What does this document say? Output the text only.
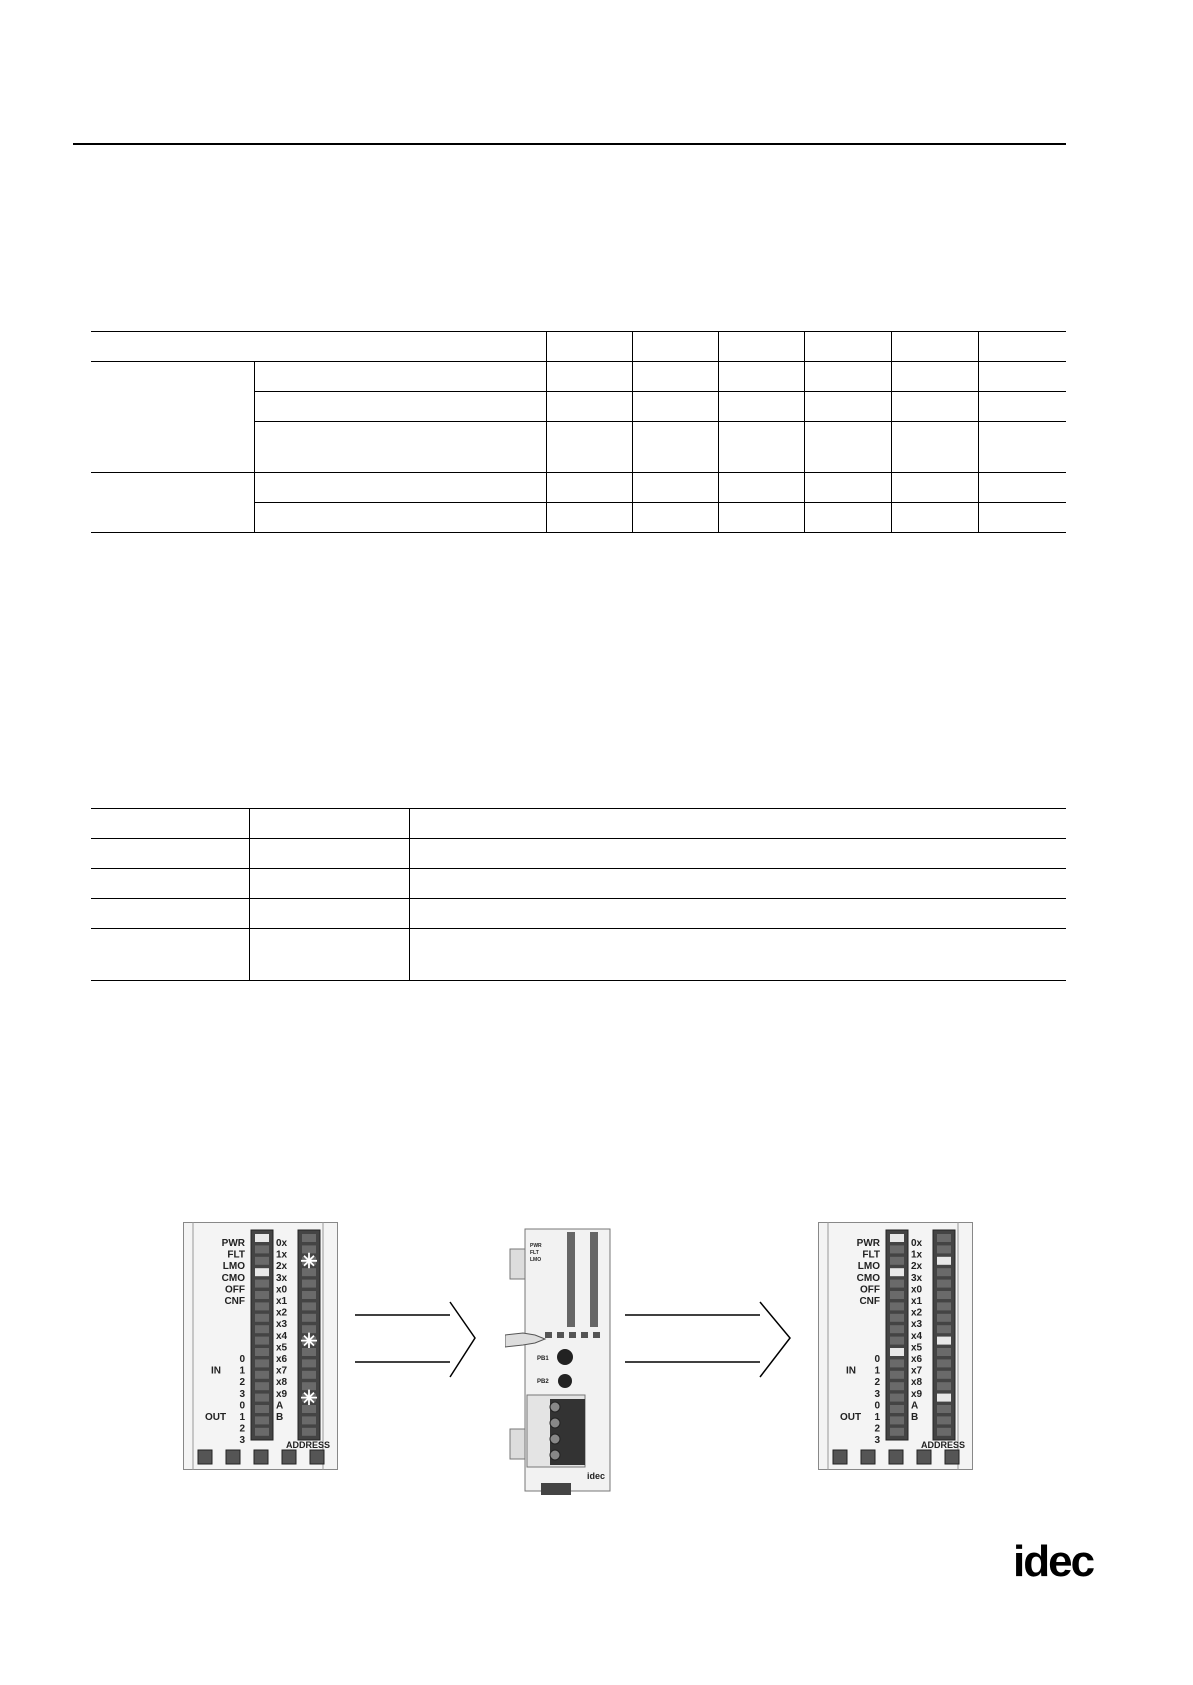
PWR
FLT
LMO
CMO
OFF
CNF
IN
OUT
0
1
2
3
0
1
2
3
0x
1x
2x
3x
x0
x1
x2
x3
x4
x5
x6
x7
x8
x9
A
B
ADDRESS
PWR
FLT
LMO
PB1
PB2
idec
PWR
FLT
LMO
CMO
OFF
CNF
IN
OUT
0
1
2
3
0
1
2
3
0x
1x
2x
3x
x0
x1
x2
x3
x4
x5
x6
x7
x8
x9
A
B
ADDRESS
idec
